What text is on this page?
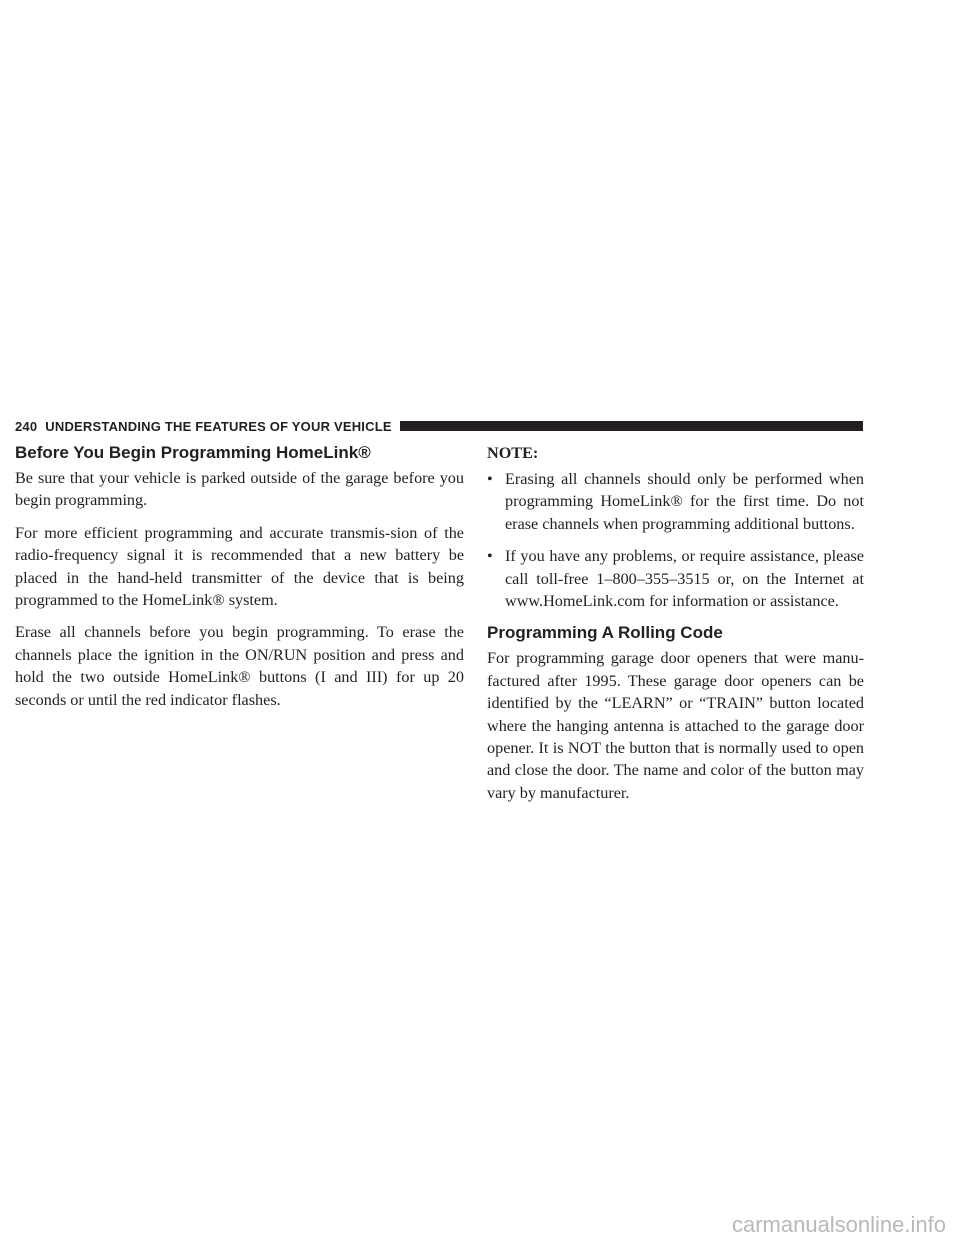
240 UNDERSTANDING THE FEATURES OF YOUR VEHICLE
Before You Begin Programming HomeLink®

Be sure that your vehicle is parked outside of the garage before you begin programming.

For more efficient programming and accurate transmis-sion of the radio-frequency signal it is recommended that a new battery be placed in the hand-held transmitter of the device that is being programmed to the HomeLink® system.

Erase all channels before you begin programming. To erase the channels place the ignition in the ON/RUN position and press and hold the two outside HomeLink® buttons (I and III) for up 20 seconds or until the red indicator flashes.

NOTE:
• Erasing all channels should only be performed when programming HomeLink® for the first time. Do not erase channels when programming additional buttons.
• If you have any problems, or require assistance, please call toll-free 1–800–355–3515 or, on the Internet at www.HomeLink.com for information or assistance.
Programming A Rolling Code

For programming garage door openers that were manu-factured after 1995. These garage door openers can be identified by the “LEARN” or “TRAIN” button located where the hanging antenna is attached to the garage door opener. It is NOT the button that is normally used to open and close the door. The name and color of the button may vary by manufacturer.

carmanualsonline.info
